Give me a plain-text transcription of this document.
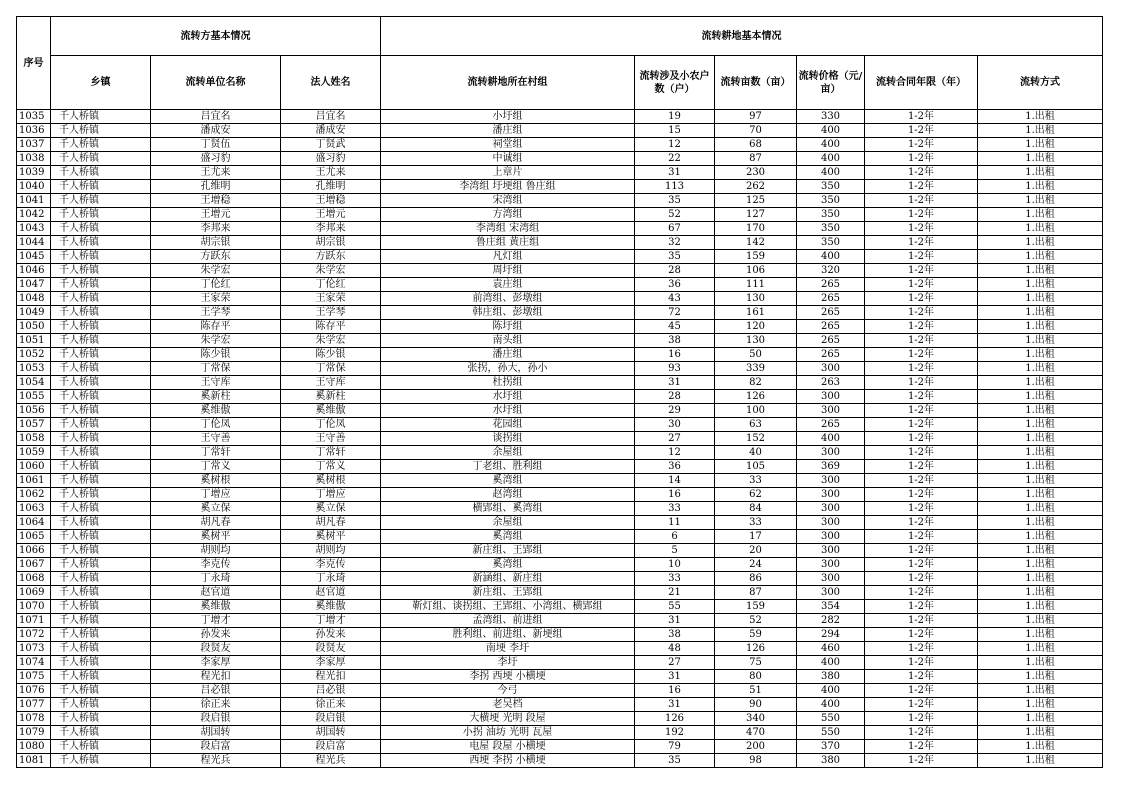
序号	流转方基本情况			流转耕地基本情况					
	乡镇	流转单位名称	法人姓名	流转耕地所在村组	流转涉及小农户数（户）	流转亩数（亩）	流转价格（元/亩）	流转合同年限（年）	流转方式
1035	千人桥镇	吕宜名	吕宜名	小圩组	19	97	330	1-2年	1.出租
1036	千人桥镇	潘成安	潘成安	潘庄组	15	70	400	1-2年	1.出租
1037	千人桥镇	丁贤伍	丁贤武	祠堂组	12	68	400	1-2年	1.出租
1038	千人桥镇	盛习豹	盛习豹	中诚组	22	87	400	1-2年	1.出租
1039	千人桥镇	王尤来	王尤来	上章片	31	230	400	1-2年	1.出租
1040	千人桥镇	孔维明	孔维明	李湾组 圩埂组 鲁庄组	113	262	350	1-2年	1.出租
1041	千人桥镇	王增稳	王增稳	宋湾组	35	125	350	1-2年	1.出租
1042	千人桥镇	王增元	王增元	方湾组	52	127	350	1-2年	1.出租
1043	千人桥镇	李邦来	李邦来	李湾组 宋湾组	67	170	350	1-2年	1.出租
1044	千人桥镇	胡宗银	胡宗银	鲁庄组 黄庄组	32	142	350	1-2年	1.出租
1045	千人桥镇	方跃东	方跃东	凡灯组	35	159	400	1-2年	1.出租
1046	千人桥镇	朱学宏	朱学宏	周圩组	28	106	320	1-2年	1.出租
1047	千人桥镇	丁伦红	丁伦红	袁庄组	36	111	265	1-2年	1.出租
1048	千人桥镇	王家荣	王家荣	前湾组、彭墩组	43	130	265	1-2年	1.出租
1049	千人桥镇	王学琴	王学琴	韩庄组、彭墩组	72	161	265	1-2年	1.出租
1050	千人桥镇	陈存平	陈存平	陈圩组	45	120	265	1-2年	1.出租
1051	千人桥镇	朱学宏	朱学宏	南头组	38	130	265	1-2年	1.出租
1052	千人桥镇	陈少银	陈少银	潘庄组	16	50	265	1-2年	1.出租
1053	千人桥镇	丁常保	丁常保	张拐，孙大，孙小	93	339	300	1-2年	1.出租
1054	千人桥镇	王守库	王守库	杜拐组	31	82	263	1-2年	1.出租
1055	千人桥镇	奚新柱	奚新柱	水圩组	28	126	300	1-2年	1.出租
1056	千人桥镇	奚维傲	奚维傲	水圩组	29	100	300	1-2年	1.出租
1057	千人桥镇	丁伦凤	丁伦凤	花园组	30	63	265	1-2年	1.出租
1058	千人桥镇	王守善	王守善	谈拐组	27	152	400	1-2年	1.出租
1059	千人桥镇	丁常轩	丁常轩	余屋组	12	40	300	1-2年	1.出租
1060	千人桥镇	丁常义	丁常义	丁老组、胜利组	36	105	369	1-2年	1.出租
1061	千人桥镇	奚树根	奚树根	奚湾组	14	33	300	1-2年	1.出租
1062	千人桥镇	丁增应	丁增应	赵湾组	16	62	300	1-2年	1.出租
1063	千人桥镇	奚立保	奚立保	横郢组、奚湾组	33	84	300	1-2年	1.出租
1064	千人桥镇	胡凡春	胡凡春	余屋组	11	33	300	1-2年	1.出租
1065	千人桥镇	奚树平	奚树平	奚湾组	6	17	300	1-2年	1.出租
1066	千人桥镇	胡则均	胡则均	新庄组、王郢组	5	20	300	1-2年	1.出租
1067	千人桥镇	李克传	李克传	奚湾组	10	24	300	1-2年	1.出租
1068	千人桥镇	丁永琦	丁永琦	新涵组、新庄组	33	86	300	1-2年	1.出租
1069	千人桥镇	赵官道	赵官道	新庄组、王郢组	21	87	300	1-2年	1.出租
1070	千人桥镇	奚维傲	奚维傲	靳灯组、谈拐组、王郢组、小湾组、横郢组	55	159	354	1-2年	1.出租
1071	千人桥镇	丁增才	丁增才	孟湾组、前进组	31	52	282	1-2年	1.出租
1072	千人桥镇	孙发来	孙发来	胜利组、前进组、新埂组	38	59	294	1-2年	1.出租
1073	千人桥镇	段贤友	段贤友	南埂 李圩	48	126	460	1-2年	1.出租
1074	千人桥镇	李家厚	李家厚	李圩	27	75	400	1-2年	1.出租
1075	千人桥镇	程光扣	程光扣	李拐 西埂 小横埂	31	80	380	1-2年	1.出租
1076	千人桥镇	吕必银	吕必银	今弓	16	51	400	1-2年	1.出租
1077	千人桥镇	徐正来	徐正来	老吴档	31	90	400	1-2年	1.出租
1078	千人桥镇	段启银	段启银	大横埂 光明 段屋	126	340	550	1-2年	1.出租
1079	千人桥镇	胡国转	胡国转	小拐 油坊 光明 瓦屋	192	470	550	1-2年	1.出租
1080	千人桥镇	段启富	段启富	电屋 段屋 小横埂	79	200	370	1-2年	1.出租
1081	千人桥镇	程光兵	程光兵	西埂 李拐 小横埂	35	98	380	1-2年	1.出租
